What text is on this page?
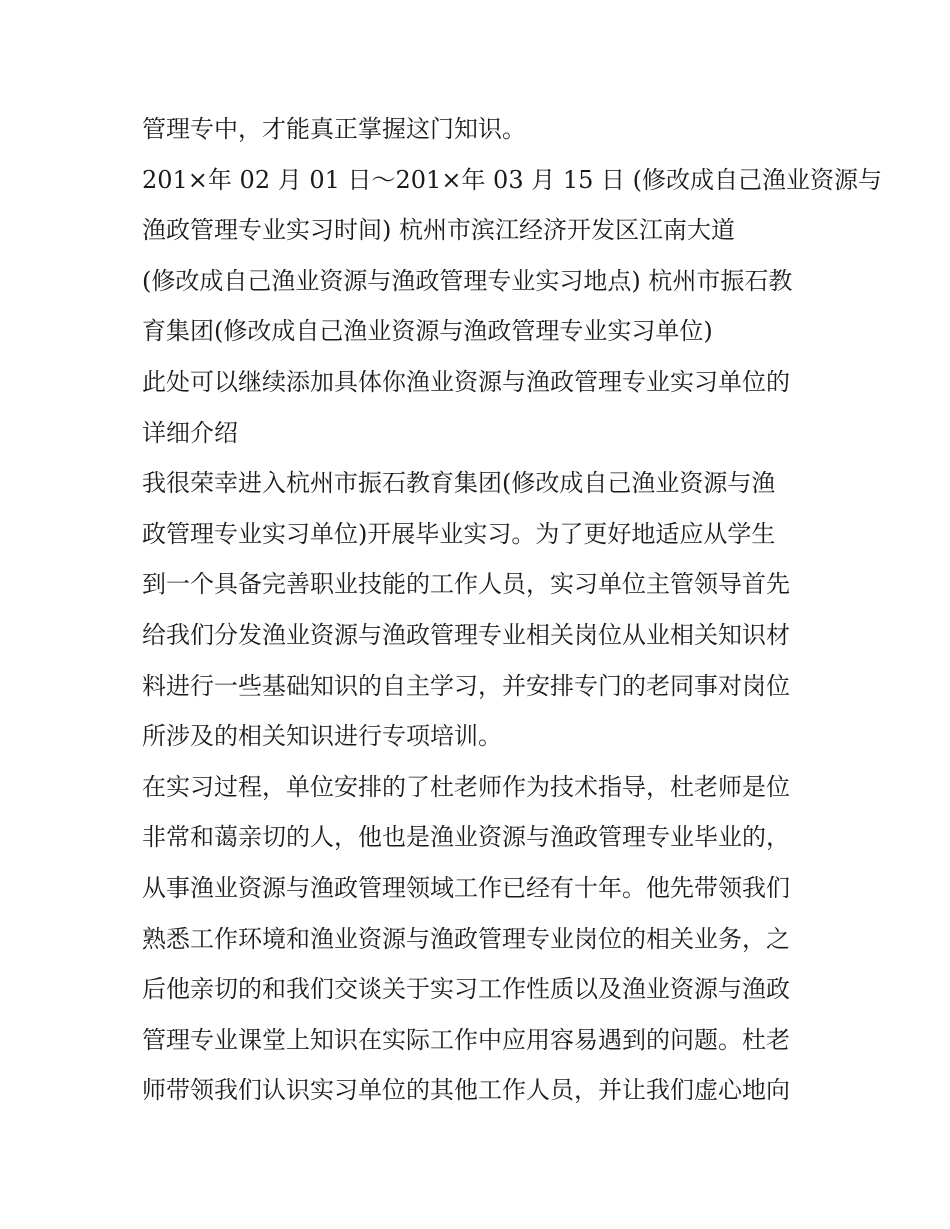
管理专中，才能真正掌握这门知识。
201×年 02 月 01 日～201×年 03 月 15 日 (修改成自己渔业资源与
渔政管理专业实习时间) 杭州市滨江经济开发区江南大道
(修改成自己渔业资源与渔政管理专业实习地点) 杭州市振石教
育集团(修改成自己渔业资源与渔政管理专业实习单位)
此处可以继续添加具体你渔业资源与渔政管理专业实习单位的
详细介绍
我很荣幸进入杭州市振石教育集团(修改成自己渔业资源与渔
政管理专业实习单位)开展毕业实习。为了更好地适应从学生
到一个具备完善职业技能的工作人员，实习单位主管领导首先
给我们分发渔业资源与渔政管理专业相关岗位从业相关知识材
料进行一些基础知识的自主学习，并安排专门的老同事对岗位
所涉及的相关知识进行专项培训。
在实习过程，单位安排的了杜老师作为技术指导，杜老师是位
非常和蔼亲切的人，他也是渔业资源与渔政管理专业毕业的，
从事渔业资源与渔政管理领域工作已经有十年。他先带领我们
熟悉工作环境和渔业资源与渔政管理专业岗位的相关业务，之
后他亲切的和我们交谈关于实习工作性质以及渔业资源与渔政
管理专业课堂上知识在实际工作中应用容易遇到的问题。杜老
师带领我们认识实习单位的其他工作人员，并让我们虚心地向
